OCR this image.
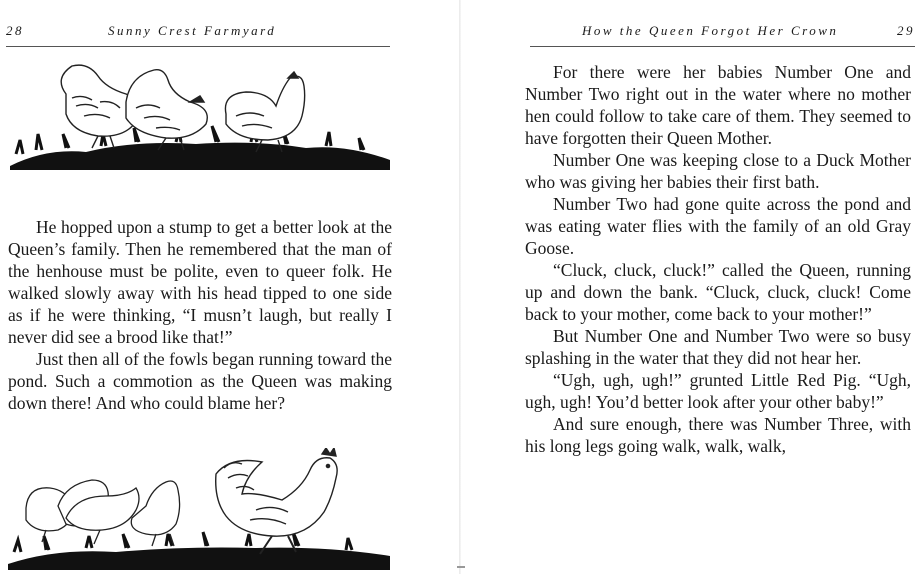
28	Sunny Crest Farmyard

He hopped upon a stump to get a better look at the Queen’s family. Then he remembered that the man of the henhouse must be polite, even to queer folk. He walked slowly away with his head tipped to one side as if he were thinking, “I musn’t laugh, but really I never did see a brood like that!”

Just then all of the fowls began running toward the pond. Such a commotion as the Queen was making down there! And who could blame her?

How the Queen Forgot Her Crown	29

For there were her babies Number One and Number Two right out in the water where no mother hen could follow to take care of them. They seemed to have forgotten their Queen Mother.

Number One was keeping close to a Duck Mother who was giving her babies their first bath.

Number Two had gone quite across the pond and was eating water flies with the family of an old Gray Goose.

“Cluck, cluck, cluck!” called the Queen, running up and down the bank. “Cluck, cluck, cluck! Come back to your mother, come back to your mother!”

But Number One and Number Two were so busy splashing in the water that they did not hear her.

“Ugh, ugh, ugh!” grunted Little Red Pig. “Ugh, ugh, ugh! You’d better look after your other baby!”

And sure enough, there was Number Three, with his long legs going walk, walk, walk,
